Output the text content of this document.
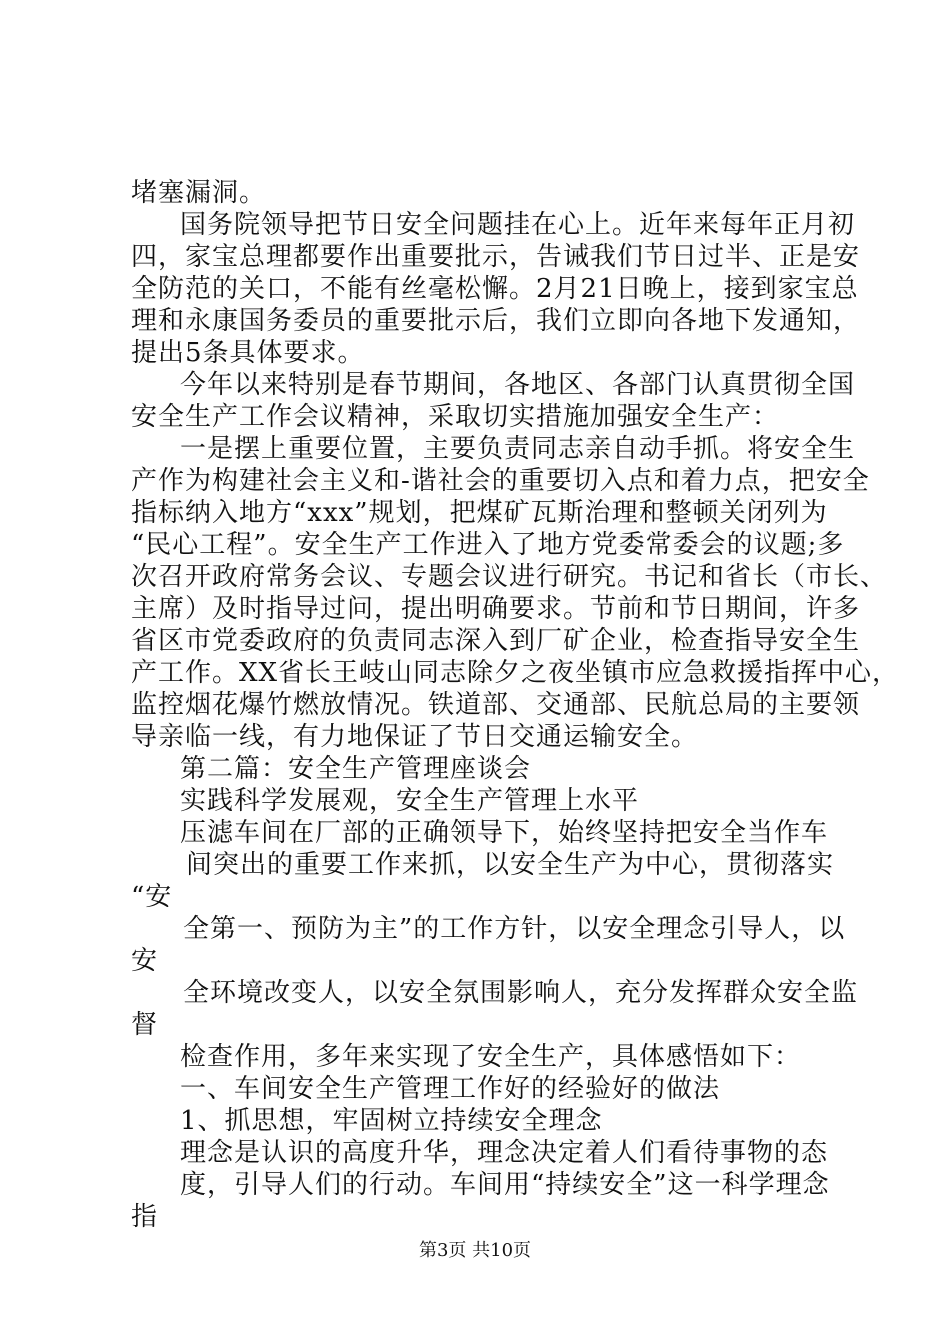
堵塞漏洞。
国务院领导把节日安全问题挂在心上。近年来每年正月初
四，家宝总理都要作出重要批示，告诫我们节日过半、正是安
全防范的关口，不能有丝毫松懈。2月21日晚上，接到家宝总
理和永康国务委员的重要批示后，我们立即向各地下发通知，
提出5条具体要求。
今年以来特别是春节期间，各地区、各部门认真贯彻全国
安全生产工作会议精神，采取切实措施加强安全生产：
一是摆上重要位置，主要负责同志亲自动手抓。将安全生
产作为构建社会主义和-谐社会的重要切入点和着力点，把安全
指标纳入地方“xxx”规划，把煤矿瓦斯治理和整顿关闭列为
“民心工程”。安全生产工作进入了地方党委常委会的议题;多
次召开政府常务会议、专题会议进行研究。书记和省长（市长、
主席）及时指导过问，提出明确要求。节前和节日期间，许多
省区市党委政府的负责同志深入到厂矿企业，检查指导安全生
产工作。XX省长王岐山同志除夕之夜坐镇市应急救援指挥中心，
监控烟花爆竹燃放情况。铁道部、交通部、民航总局的主要领
导亲临一线，有力地保证了节日交通运输安全。
第二篇：安全生产管理座谈会
实践科学发展观，安全生产管理上水平
压滤车间在厂部的正确领导下，始终坚持把安全当作车
间突出的重要工作来抓，以安全生产为中心，贯彻落实
“安
全第一、预防为主”的工作方针，以安全理念引导人，以
安
全环境改变人，以安全氛围影响人，充分发挥群众安全监
督
检查作用，多年来实现了安全生产，具体感悟如下：
一、车间安全生产管理工作好的经验好的做法
1、抓思想，牢固树立持续安全理念
理念是认识的高度升华，理念决定着人们看待事物的态
度，引导人们的行动。车间用“持续安全”这一科学理念
指
第3页 共10页
